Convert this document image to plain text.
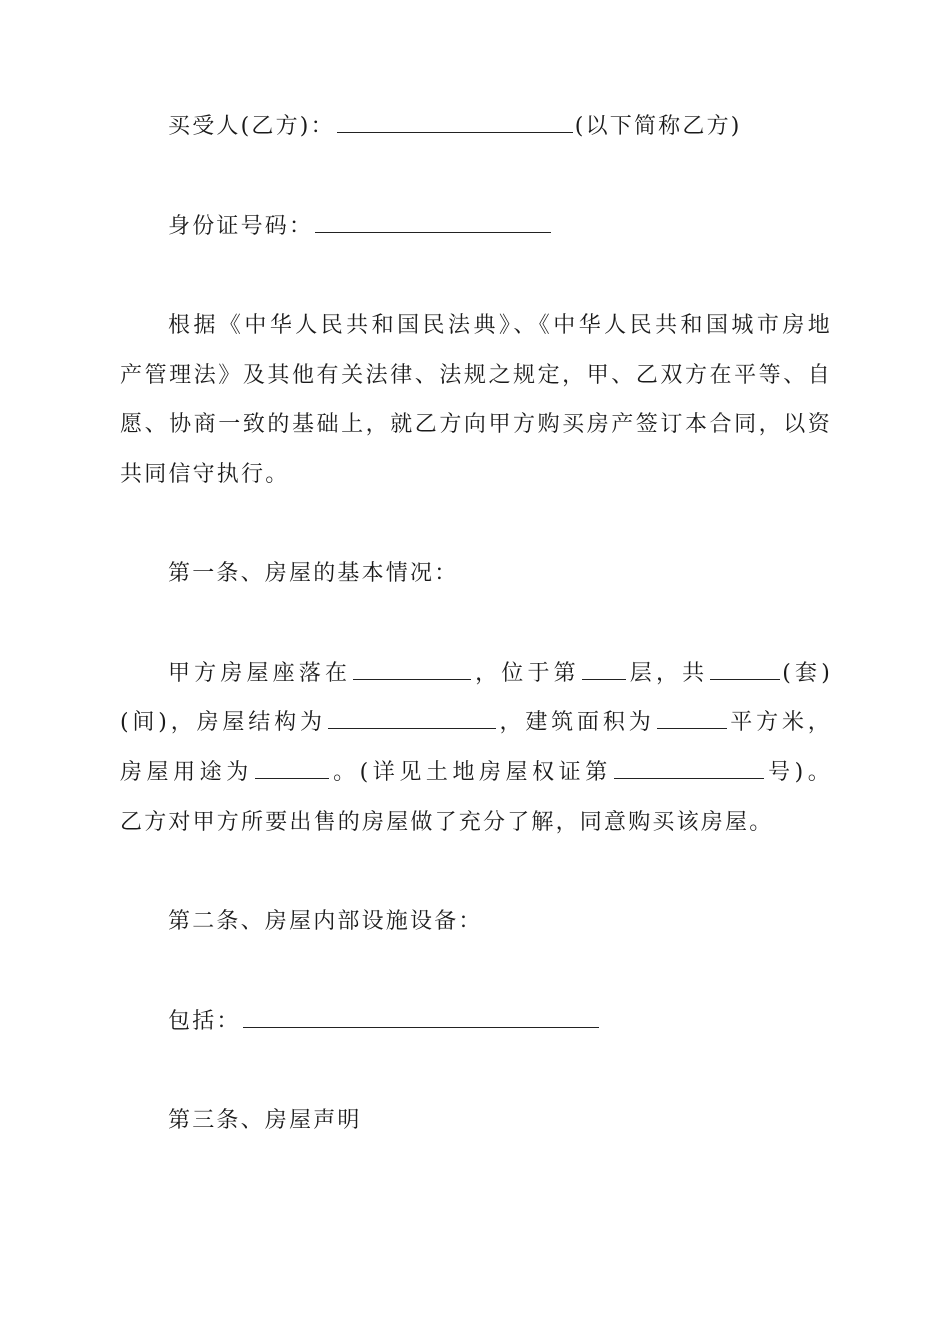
买受人(乙方)：	(以下简称乙方)
身份证号码：
根据《中华人民共和国民法典》、《中华人民共和国城市房地
产管理法》及其他有关法律、法规之规定，甲、乙双方在平等、自
愿、协商一致的基础上，就乙方向甲方购买房产签订本合同，以资
共同信守执行。
第一条、房屋的基本情况：
甲方房屋座落在	，位于第 层，共	(套)
(间)，房屋结构为	，建筑面积为	平方米，
房屋用途为	。(详见土地房屋权证第	号)。
乙方对甲方所要出售的房屋做了充分了解，同意购买该房屋。
第二条、房屋内部设施设备：
包括：
第三条、房屋声明
